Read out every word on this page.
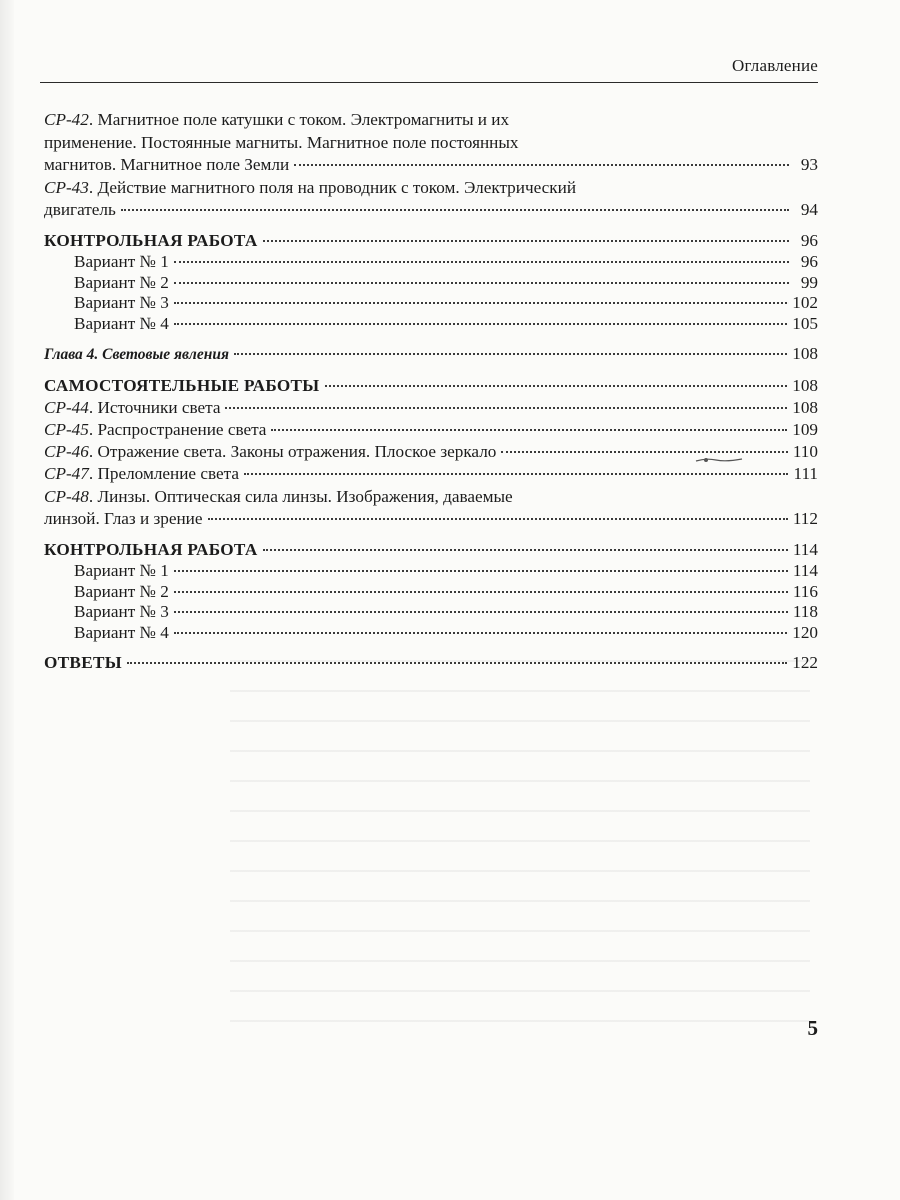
Оглавление
СР-42. Магнитное поле катушки с током. Электромагниты и их
применение. Постоянные магниты. Магнитное поле постоянных
магнитов. Магнитное поле Земли	93
СР-43. Действие магнитного поля на проводник с током. Электрический
двигатель	94
КОНТРОЛЬНАЯ РАБОТА	96
Вариант № 1	96
Вариант № 2	99
Вариант № 3	102
Вариант № 4	105
Глава 4. Световые явления	108
САМОСТОЯТЕЛЬНЫЕ РАБОТЫ	108
СР-44. Источники света	108
СР-45. Распространение света	109
СР-46. Отражение света. Законы отражения. Плоское зеркало	110
СР-47. Преломление света	111
СР-48. Линзы. Оптическая сила линзы. Изображения, даваемые
линзой. Глаз и зрение	112
КОНТРОЛЬНАЯ РАБОТА	114
Вариант № 1	114
Вариант № 2	116
Вариант № 3	118
Вариант № 4	120
ОТВЕТЫ	122
5
